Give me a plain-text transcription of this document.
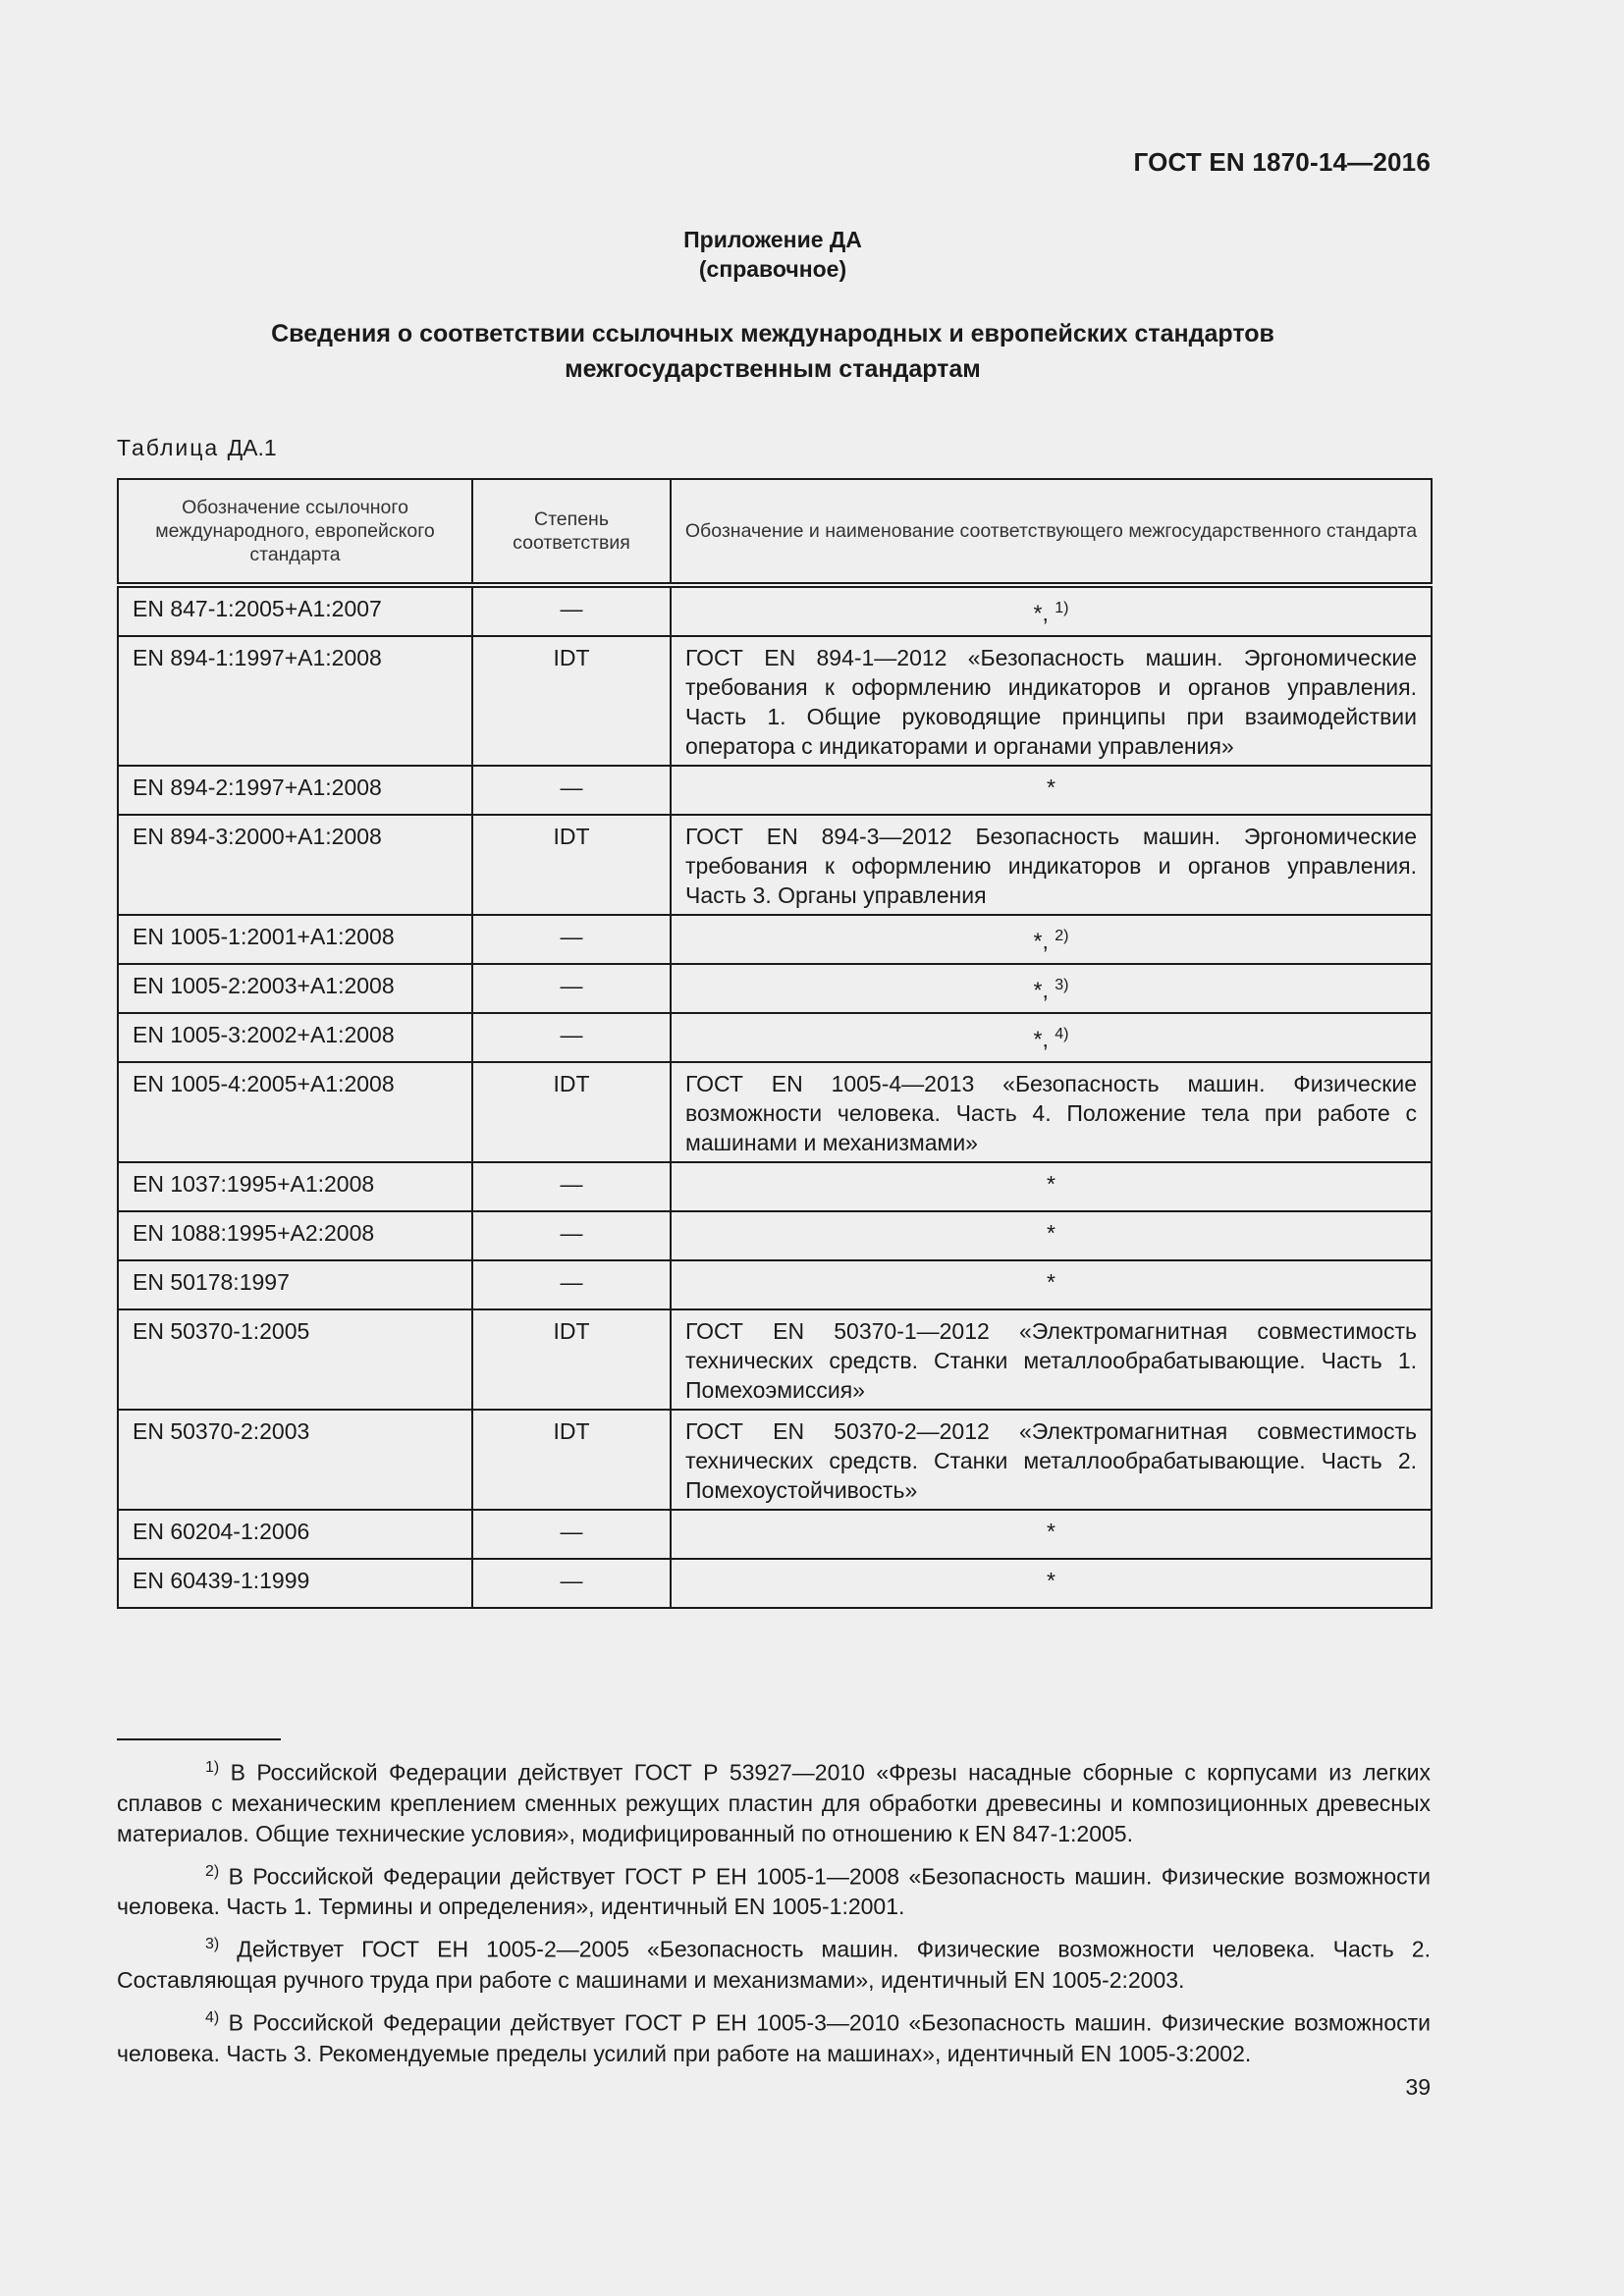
ГОСТ EN 1870-14—2016
Приложение ДА
(справочное)
Сведения о соответствии ссылочных международных и европейских стандартов
межгосударственным стандартам
Таблица ДА.1
Обозначение ссылочного международного, европейского стандарта	Степень соответствия	Обозначение и наименование соответствующего межгосударственного стандарта
EN 847-1:2005+A1:2007	—	*, $^{1)}$
EN 894-1:1997+A1:2008	IDT	ГОСТ EN 894-1—2012 «Безопасность машин. Эргономические требования к оформлению индикаторов и органов управления. Часть 1. Общие руководящие принципы при взаимодействии оператора с индикаторами и органами управления»
EN 894-2:1997+A1:2008	—	*
EN 894-3:2000+A1:2008	IDT	ГОСТ EN 894-3—2012 Безопасность машин. Эргономические требования к оформлению индикаторов и органов управления. Часть 3. Органы управления
EN 1005-1:2001+A1:2008	—	*, $^{2)}$
EN 1005-2:2003+A1:2008	—	*, $^{3)}$
EN 1005-3:2002+A1:2008	—	*, $^{4)}$
EN 1005-4:2005+A1:2008	IDT	ГОСТ EN 1005-4—2013 «Безопасность машин. Физические возможности человека. Часть 4. Положение тела при работе с машинами и механизмами»
EN 1037:1995+A1:2008	—	*
EN 1088:1995+A2:2008	—	*
EN 50178:1997	—	*
EN 50370-1:2005	IDT	ГОСТ EN 50370-1—2012 «Электромагнитная совместимость технических средств. Станки металлообрабатывающие. Часть 1. Помехоэмиссия»
EN 50370-2:2003	IDT	ГОСТ EN 50370-2—2012 «Электромагнитная совместимость технических средств. Станки металлообрабатывающие. Часть 2. Помехоустойчивость»
EN 60204-1:2006	—	*
EN 60439-1:1999	—	*
$^{1)}$ В Российской Федерации действует ГОСТ Р 53927—2010 «Фрезы насадные сборные с корпусами из легких сплавов с механическим креплением сменных режущих пластин для обработки древесины и композиционных древесных материалов. Общие технические условия», модифицированный по отношению к EN 847-1:2005.
$^{2)}$ В Российской Федерации действует ГОСТ Р ЕН 1005-1—2008 «Безопасность машин. Физические возможности человека. Часть 1. Термины и определения», идентичный EN 1005-1:2001.
$^{3)}$ Действует ГОСТ ЕН 1005-2—2005 «Безопасность машин. Физические возможности человека. Часть 2. Составляющая ручного труда при работе с машинами и механизмами», идентичный EN 1005-2:2003.
$^{4)}$ В Российской Федерации действует ГОСТ Р ЕН 1005-3—2010 «Безопасность машин. Физические возможности человека. Часть 3. Рекомендуемые пределы усилий при работе на машинах», идентичный EN 1005-3:2002.
39
